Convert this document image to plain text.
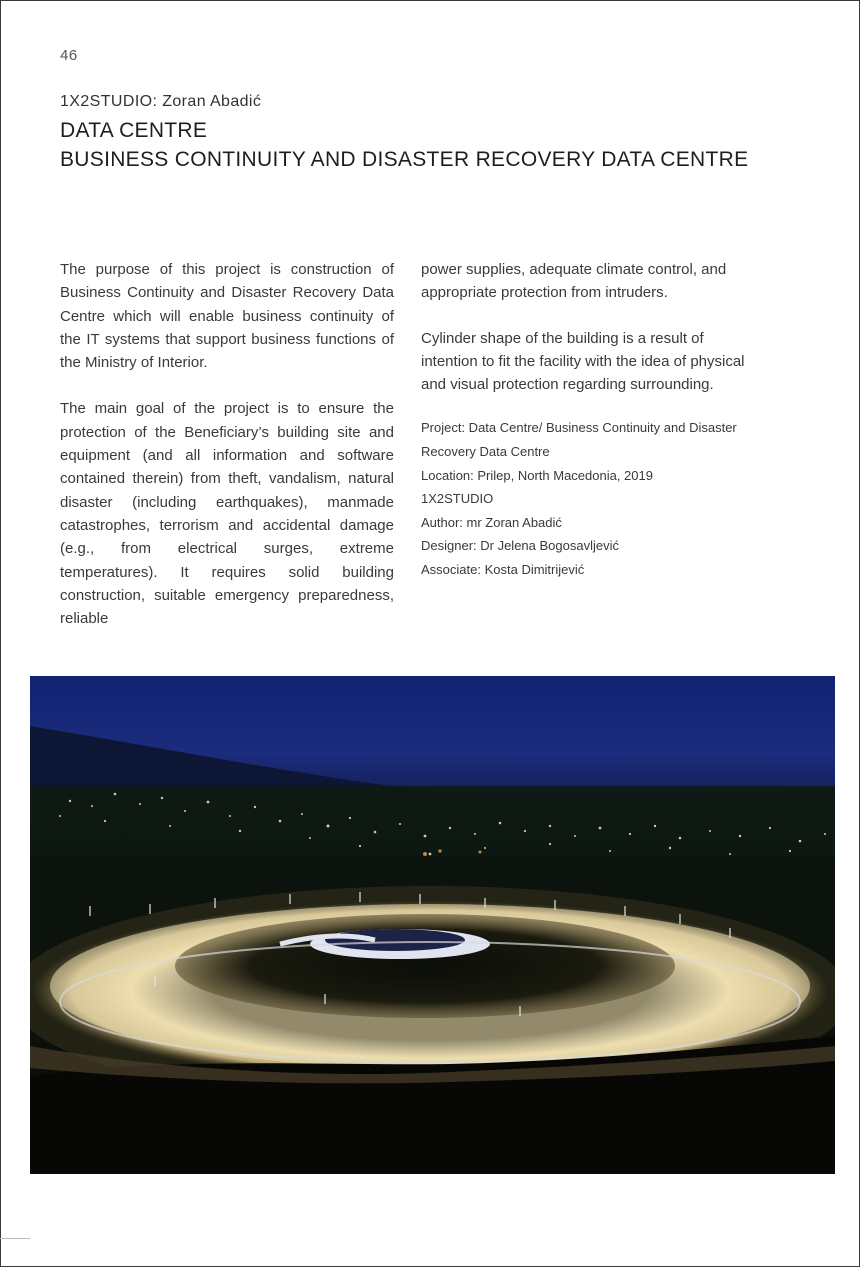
46
1X2STUDIO: Zoran Abadić
DATA CENTRE
BUSINESS CONTINUITY AND DISASTER RECOVERY DATA CENTRE

The purpose of this project is construction of Business Continuity and Disaster Recovery Data Centre which will enable business continuity of the IT systems that support business functions of the Ministry of Interior.

The main goal of the project is to ensure the protection of the Beneficiary’s building site and equipment (and all information and software contained therein) from theft, vandalism, natural disaster (including earthquakes), manmade catastrophes, terrorism and accidental damage (e.g., from electrical surges, extreme temperatures). It requires solid building construction, suitable emergency preparedness, reliable

power supplies, adequate climate control, and appropriate protection from intruders.

Cylinder shape of the building is a result of intention to fit the facility with the idea of physical and visual protection regarding surrounding.

Project: Data Centre/ Business Continuity and Disaster
Recovery Data Centre
Location: Prilep, North Macedonia, 2019
1X2STUDIO
Author: mr Zoran Abadić
Designer: Dr Jelena Bogosavljević
Associate: Kosta Dimitrijević
